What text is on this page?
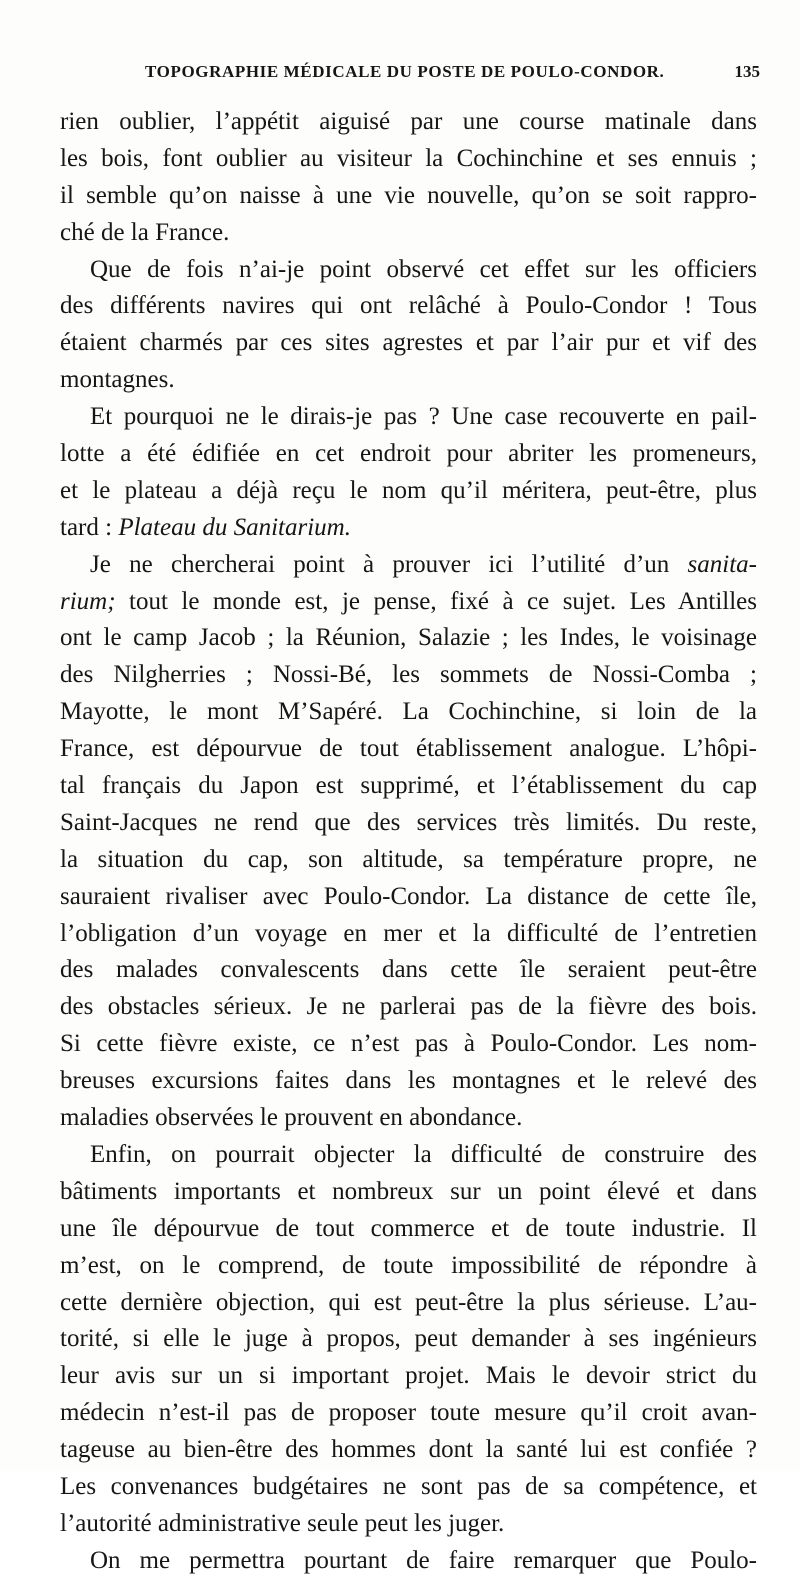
TOPOGRAPHIE MÉDICALE DU POSTE DE POULO-CONDOR.	135
rien oublier, l’appétit aiguisé par une course matinale dans
les bois, font oublier au visiteur la Cochinchine et ses ennuis ;
il semble qu’on naisse à une vie nouvelle, qu’on se soit rappro-
ché de la France.
Que de fois n’ai-je point observé cet effet sur les officiers
des différents navires qui ont relâché à Poulo-Condor ! Tous
étaient charmés par ces sites agrestes et par l’air pur et vif des
montagnes.
Et pourquoi ne le dirais-je pas ? Une case recouverte en pail-
lotte a été édifiée en cet endroit pour abriter les promeneurs,
et le plateau a déjà reçu le nom qu’il méritera, peut-être, plus
tard : Plateau du Sanitarium.
Je ne chercherai point à prouver ici l’utilité d’un sanita-
rium; tout le monde est, je pense, fixé à ce sujet. Les Antilles
ont le camp Jacob ; la Réunion, Salazie ; les Indes, le voisinage
des Nilgherries ; Nossi-Bé, les sommets de Nossi-Comba ;
Mayotte, le mont M’Sapéré. La Cochinchine, si loin de la
France, est dépourvue de tout établissement analogue. L’hôpi-
tal français du Japon est supprimé, et l’établissement du cap
Saint-Jacques ne rend que des services très limités. Du reste,
la situation du cap, son altitude, sa température propre, ne
sauraient rivaliser avec Poulo-Condor. La distance de cette île,
l’obligation d’un voyage en mer et la difficulté de l’entretien
des malades convalescents dans cette île seraient peut-être
des obstacles sérieux. Je ne parlerai pas de la fièvre des bois.
Si cette fièvre existe, ce n’est pas à Poulo-Condor. Les nom-
breuses excursions faites dans les montagnes et le relevé des
maladies observées le prouvent en abondance.
Enfin, on pourrait objecter la difficulté de construire des
bâtiments importants et nombreux sur un point élevé et dans
une île dépourvue de tout commerce et de toute industrie. Il
m’est, on le comprend, de toute impossibilité de répondre à
cette dernière objection, qui est peut-être la plus sérieuse. L’au-
torité, si elle le juge à propos, peut demander à ses ingénieurs
leur avis sur un si important projet. Mais le devoir strict du
médecin n’est-il pas de proposer toute mesure qu’il croit avan-
tageuse au bien-être des hommes dont la santé lui est confiée ?
Les convenances budgétaires ne sont pas de sa compétence, et
l’autorité administrative seule peut les juger.
On me permettra pourtant de faire remarquer que Poulo-
